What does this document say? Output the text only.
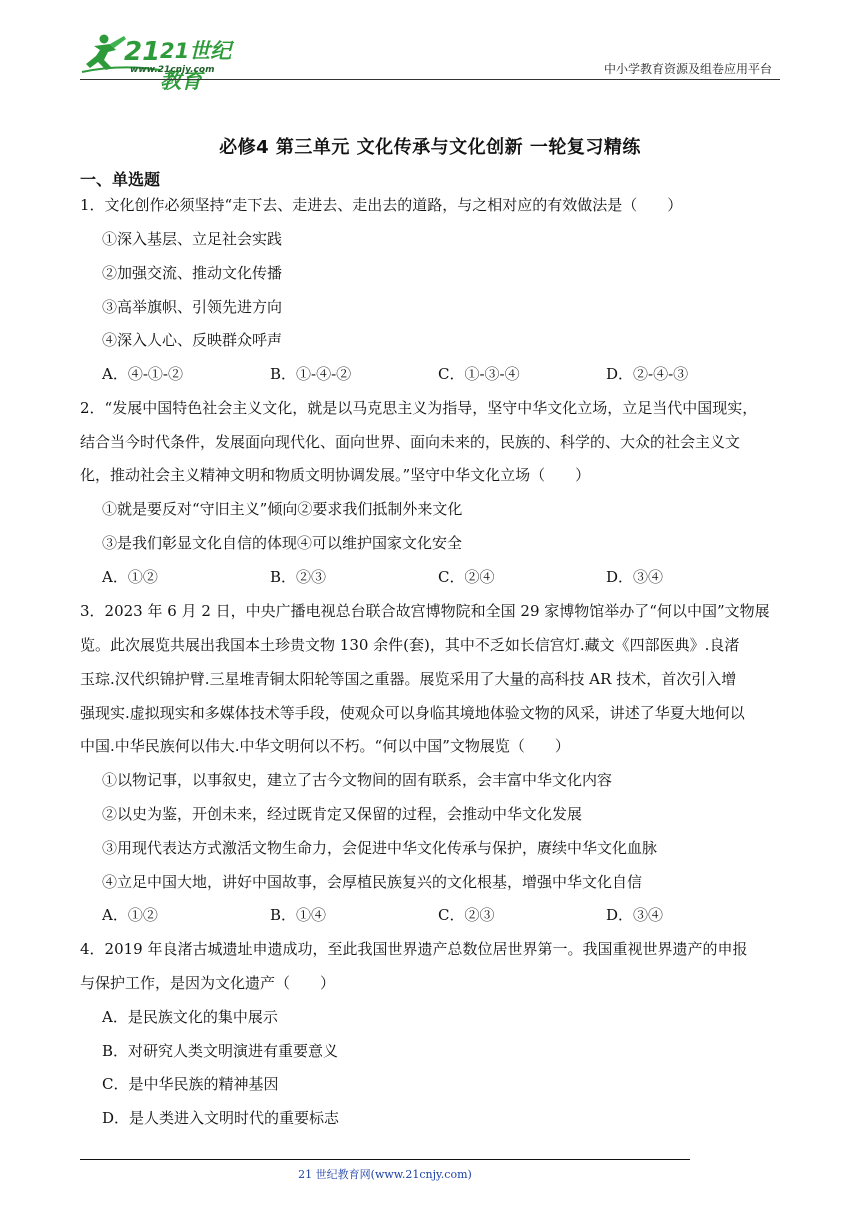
21 21世纪教育
www.21cnjy.com	中小学教育资源及组卷应用平台
必修4 第三单元 文化传承与文化创新 一轮复习精练
一、单选题
1．文化创作必须坚持“走下去、走进去、走出去的道路，与之相对应的有效做法是（　　）
①深入基层、立足社会实践
②加强交流、推动文化传播
③高举旗帜、引领先进方向
④深入人心、反映群众呼声
A．④-①-②	B．①-④-②	C．①-③-④	D．②-④-③
2．“发展中国特色社会主义文化，就是以马克思主义为指导，坚守中华文化立场，立足当代中国现实，
结合当今时代条件，发展面向现代化、面向世界、面向未来的，民族的、科学的、大众的社会主义文
化，推动社会主义精神文明和物质文明协调发展。”坚守中华文化立场（　　）
①就是要反对“守旧主义”倾向②要求我们抵制外来文化
③是我们彰显文化自信的体现④可以维护国家文化安全
A．①②	B．②③	C．②④	D．③④
3．2023 年 6 月 2 日，中央广播电视总台联合故宫博物院和全国 29 家博物馆举办了“何以中国”文物展
览。此次展览共展出我国本土珍贵文物 130 余件(套)，其中不乏如长信宫灯.藏文《四部医典》.良渚
玉琮.汉代织锦护臂.三星堆青铜太阳轮等国之重器。展览采用了大量的高科技 AR 技术，首次引入增
强现实.虚拟现实和多媒体技术等手段，使观众可以身临其境地体验文物的风采，讲述了华夏大地何以
中国.中华民族何以伟大.中华文明何以不朽。“何以中国”文物展览（　　）
①以物记事，以事叙史，建立了古今文物间的固有联系，会丰富中华文化内容
②以史为鉴，开创未来，经过既肯定又保留的过程，会推动中华文化发展
③用现代表达方式激活文物生命力，会促进中华文化传承与保护，赓续中华文化血脉
④立足中国大地，讲好中国故事，会厚植民族复兴的文化根基，增强中华文化自信
A．①②	B．①④	C．②③	D．③④
4．2019 年良渚古城遗址申遗成功，至此我国世界遗产总数位居世界第一。我国重视世界遗产的申报
与保护工作，是因为文化遗产（　　）
A．是民族文化的集中展示
B．对研究人类文明演进有重要意义
C．是中华民族的精神基因
D．是人类进入文明时代的重要标志
21 世纪教育网(www.21cnjy.com)
